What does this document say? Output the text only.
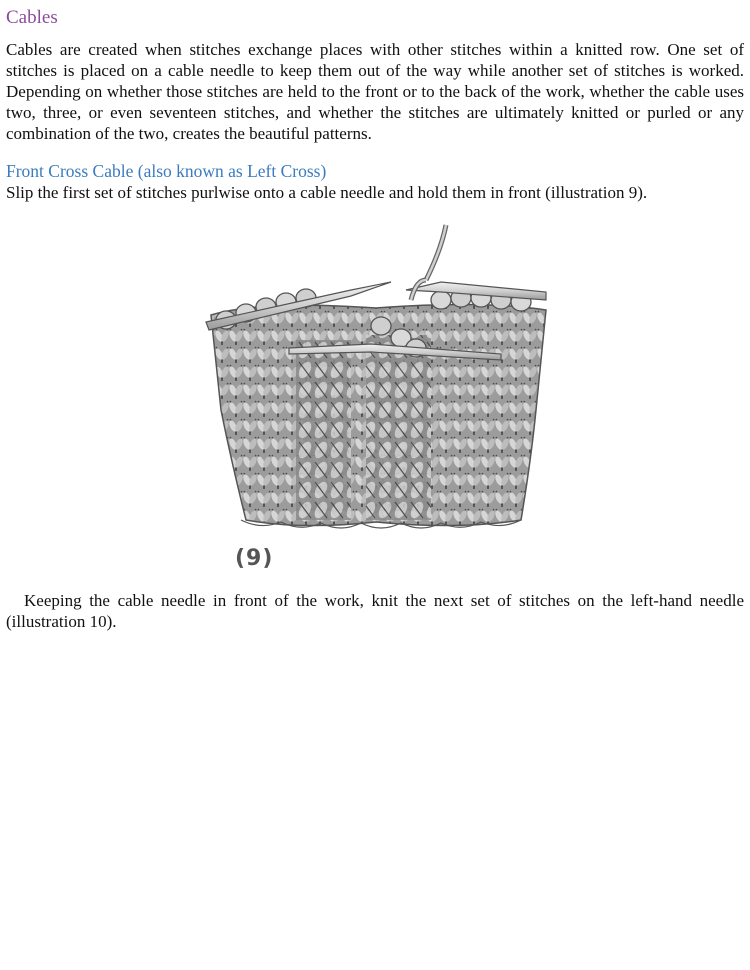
Cables

Cables are created when stitches exchange places with other stitches within a knitted row. One set of stitches is placed on a cable needle to keep them out of the way while another set of stitches is worked. Depending on whether those stitches are held to the front or to the back of the work, whether the cable uses two, three, or even seventeen stitches, and whether the stitches are ultimately knitted or purled or any combination of the two, creates the beautiful patterns.

Front Cross Cable (also known as Left Cross)

Slip the first set of stitches purlwise onto a cable needle and hold them in front (illustration 9).

(9)

Keeping the cable needle in front of the work, knit the next set of stitches on the left-hand needle (illustration 10).
